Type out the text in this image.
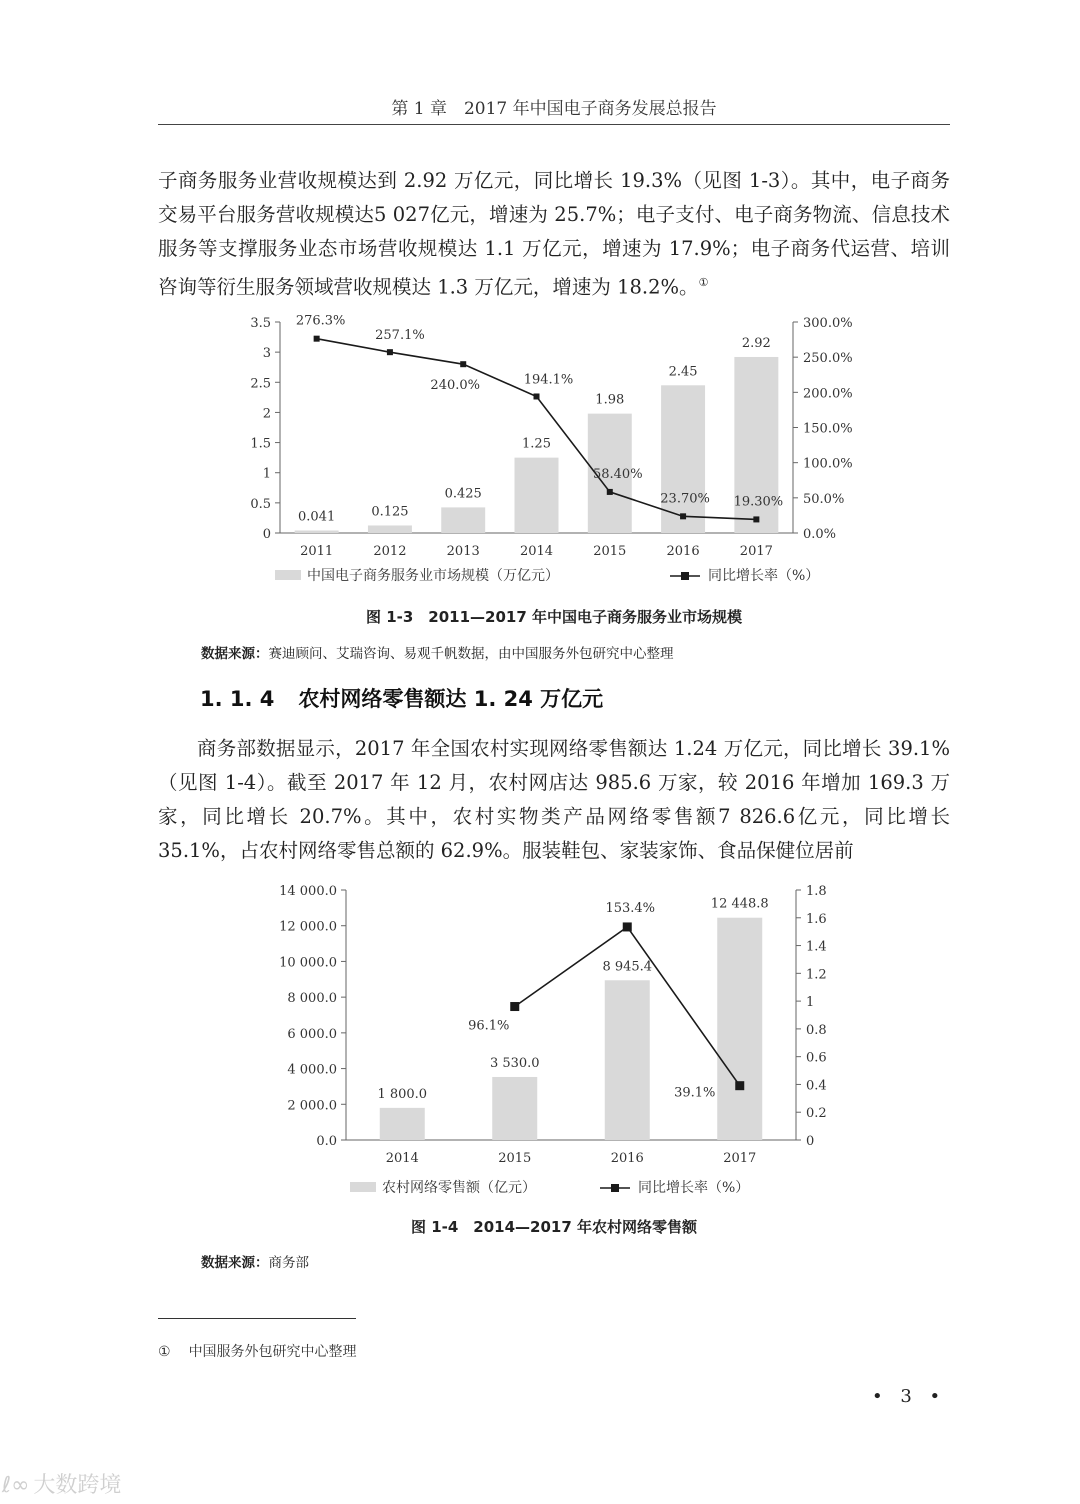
第 1 章　2017 年中国电子商务发展总报告

子商务服务业营收规模达到 2.92 万亿元，同比增长 19.3%（见图 1-3）。其中，电子商务交易平台服务营收规模达5 027亿元，增速为 25.7%；电子支付、电子商务物流、信息技术服务等支撑服务业态市场营收规模达 1.1 万亿元，增速为 17.9%；电子商务代运营、培训咨询等衍生服务领域营收规模达 1.3 万亿元，增速为 18.2%。①

0
0.5
1
1.5
2
2.5
3
3.5
0.0%
50.0%
100.0%
150.0%
200.0%
250.0%
300.0%
2011	2012	2013	2014	2015	2016	2017
0.041	0.125
0.425
1.25
1.98
2.45
2.92
276.3%
257.1%
240.0%	194.1%
58.40%
23.70% 19.30%
中国电子商务服务业市场规模（万亿元）	同比增长率（%）
图 1-3　2011—2017 年中国电子商务服务业市场规模
数据来源：赛迪顾问、艾瑞咨询、易观千帆数据，由中国服务外包研究中心整理
1. 1. 4 农村网络零售额达 1. 24 万亿元

商务部数据显示，2017 年全国农村实现网络零售额达 1.24 万亿元，同比增长 39.1%（见图 1-4）。截至 2017 年 12 月，农村网店达 985.6 万家，较 2016 年增加 169.3 万家，同比增长 20.7%。其中，农村实物类产品网络零售额7 826.6亿元，同比增长 35.1%，占农村网络零售总额的 62.9%。服装鞋包、家装家饰、食品保健位居前

0.0
2 000.0
4 000.0
6 000.0
8 000.0
10 000.0
12 000.0
14 000.0
0
0.2
0.4
0.6
0.8
1
1.2
1.4
1.6
1.8
2014	2015	2016	2017
1 800.0
3 530.0
8 945.4
12 448.8
96.1%
153.4%
39.1%
农村网络零售额（亿元）	同比增长率（%）
图 1-4　2014—2017 年农村网络零售额
数据来源：商务部
① 中国服务外包研究中心整理
• 3 •
ℓ∞ 大数跨境
